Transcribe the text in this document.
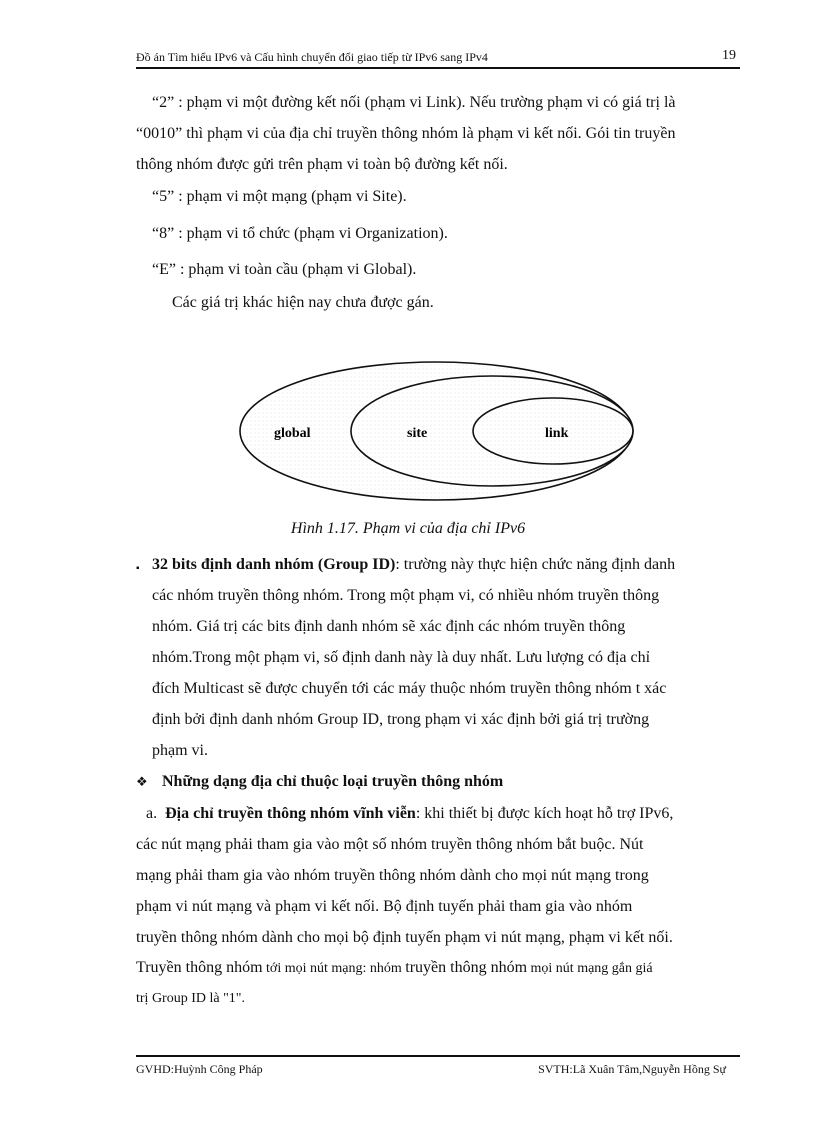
Đồ án Tìm hiểu IPv6 và Cấu hình chuyển đổi giao tiếp từ IPv6 sang IPv4	19
“2” : phạm vi một đường kết nối (phạm vi Link). Nếu trường phạm vi có giá trị là
“0010” thì phạm vi của địa chỉ truyền thông nhóm là phạm vi kết nối. Gói tin truyền
thông nhóm được gửi trên phạm vi toàn bộ đường kết nối.
“5” : phạm vi một mạng (phạm vi Site).
“8” : phạm vi tổ chức (phạm vi Organization).
“E” : phạm vi toàn cầu (phạm vi Global).
Các giá trị khác hiện nay chưa được gán.
global	site	link
Hình 1.17. Phạm vi của địa chỉ IPv6
▪ 32 bits định danh nhóm (Group ID): trường này thực hiện chức năng định danh
các nhóm truyền thông nhóm. Trong một phạm vi, có nhiều nhóm truyền thông
nhóm. Giá trị các bits định danh nhóm sẽ xác định các nhóm truyền thông
nhóm.Trong một phạm vi, số định danh này là duy nhất. Lưu lượng có địa chỉ
đích Multicast sẽ được chuyển tới các máy thuộc nhóm truyền thông nhóm t xác
định bởi định danh nhóm Group ID, trong phạm vi xác định bởi giá trị trường
phạm vi.
❖ Những dạng địa chỉ thuộc loại truyền thông nhóm
a. Địa chỉ truyền thông nhóm vĩnh viễn: khi thiết bị được kích hoạt hỗ trợ IPv6,
các nút mạng phải tham gia vào một số nhóm truyền thông nhóm bắt buộc. Nút
mạng phải tham gia vào nhóm truyền thông nhóm dành cho mọi nút mạng trong
phạm vi nút mạng và phạm vi kết nối. Bộ định tuyến phải tham gia vào nhóm
truyền thông nhóm dành cho mọi bộ định tuyến phạm vi nút mạng, phạm vi kết nối.
Truyền thông nhóm tới mọi nút mạng: nhóm truyền thông nhóm mọi nút mạng gắn giá
trị Group ID là "1".
GVHD:Huỳnh Công Pháp	SVTH:Lã Xuân Tâm,Nguyễn Hồng Sự
